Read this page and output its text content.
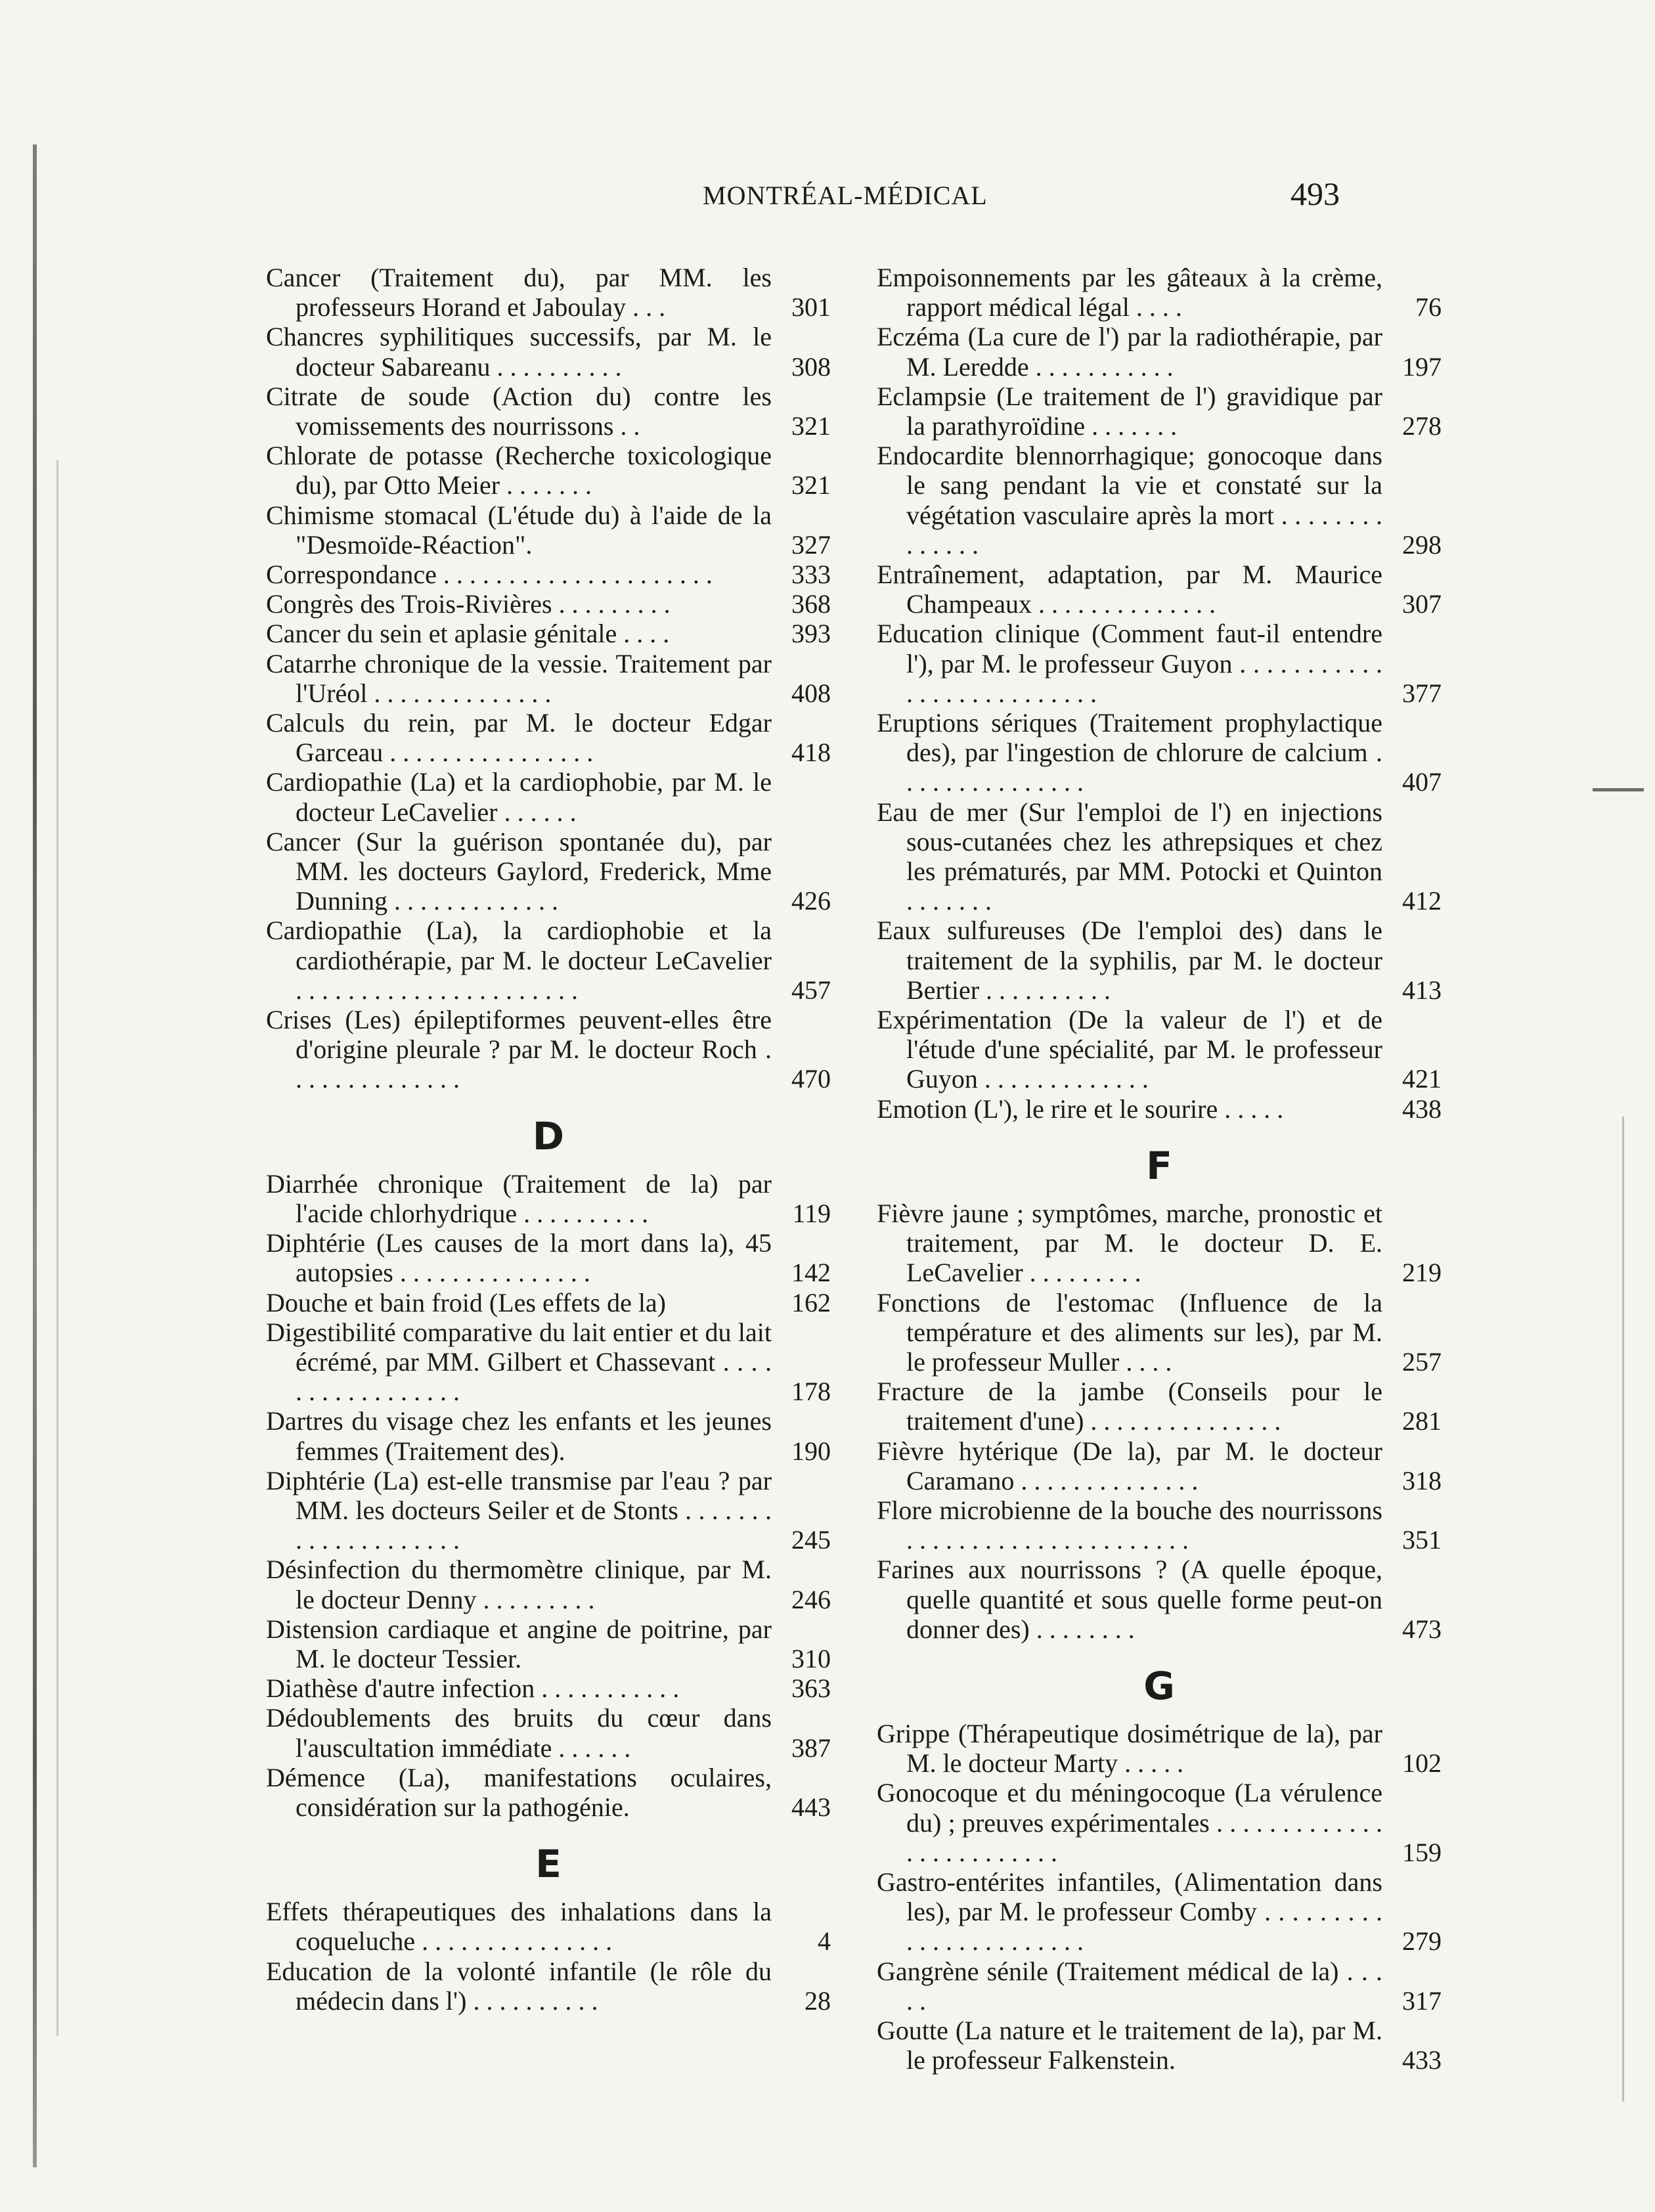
MONTRÉAL-MÉDICAL	493
Cancer (Traitement du), par MM. les professeurs Horand et Jaboulay . . .	301
Chancres syphilitiques successifs, par M. le docteur Sabareanu . . . . . . . . . .	308
Citrate de soude (Action du) contre les vomissements des nourrissons . .	321
Chlorate de potasse (Recherche toxicologique du), par Otto Meier . . . . . . .	321
Chimisme stomacal (L'étude du) à l'aide de la "Desmoïde-Réaction".	327
Correspondance . . . . . . . . . . . . . . . . . . . . .	333
Congrès des Trois-Rivières . . . . . . . . .	368
Cancer du sein et aplasie génitale . . . .	393
Catarrhe chronique de la vessie. Traitement par l'Uréol . . . . . . . . . . . . . .	408
Calculs du rein, par M. le docteur Edgar Garceau . . . . . . . . . . . . . . . .	418
Cardiopathie (La) et la cardiophobie, par M. le docteur LeCavelier . . . . . .
Cancer (Sur la guérison spontanée du), par MM. les docteurs Gaylord, Frederick, Mme Dunning . . . . . . . . . . . . .	426
Cardiopathie (La), la cardiophobie et la cardiothérapie, par M. le docteur LeCavelier . . . . . . . . . . . . . . . . . . . . . .	457
Crises (Les) épileptiformes peuvent-elles être d'origine pleurale ? par M. le docteur Roch . . . . . . . . . . . . . .	470
D
Diarrhée chronique (Traitement de la) par l'acide chlorhydrique . . . . . . . . . .	119
Diphtérie (Les causes de la mort dans la), 45 autopsies . . . . . . . . . . . . . . .	142
Douche et bain froid (Les effets de la)	162
Digestibilité comparative du lait entier et du lait écrémé, par MM. Gilbert et Chassevant . . . . . . . . . . . . . . . . .	178
Dartres du visage chez les enfants et les jeunes femmes (Traitement des).	190
Diphtérie (La) est-elle transmise par l'eau ? par MM. les docteurs Seiler et de Stonts . . . . . . . . . . . . . . . . . . . .	245
Désinfection du thermomètre clinique, par M. le docteur Denny . . . . . . . . .	246
Distension cardiaque et angine de poitrine, par M. le docteur Tessier.	310
Diathèse d'autre infection . . . . . . . . . . .	363
Dédoublements des bruits du cœur dans l'auscultation immédiate . . . . . .	387
Démence (La), manifestations oculaires, considération sur la pathogénie.	443
E
Effets thérapeutiques des inhalations dans la coqueluche . . . . . . . . . . . . . . .	4
Education de la volonté infantile (le rôle du médecin dans l') . . . . . . . . . .	28
Empoisonnements par les gâteaux à la crème, rapport médical légal . . . .	76
Eczéma (La cure de l') par la radiothérapie, par M. Leredde . . . . . . . . . . .	197
Eclampsie (Le traitement de l') gravidique par la parathyroïdine . . . . . . .	278
Endocardite blennorrhagique; gonocoque dans le sang pendant la vie et constaté sur la végétation vasculaire après la mort . . . . . . . . . . . . . .	298
Entraînement, adaptation, par M. Maurice Champeaux . . . . . . . . . . . . . .	307
Education clinique (Comment faut-il entendre l'), par M. le professeur Guyon . . . . . . . . . . . . . . . . . . . . . . . . . .	377
Eruptions sériques (Traitement prophylactique des), par l'ingestion de chlorure de calcium . . . . . . . . . . . . . . .	407
Eau de mer (Sur l'emploi de l') en injections sous-cutanées chez les athrepsiques et chez les prématurés, par MM. Potocki et Quinton . . . . . . .	412
Eaux sulfureuses (De l'emploi des) dans le traitement de la syphilis, par M. le docteur Bertier . . . . . . . . . .	413
Expérimentation (De la valeur de l') et de l'étude d'une spécialité, par M. le professeur Guyon . . . . . . . . . . . . .	421
Emotion (L'), le rire et le sourire . . . . .	438
F
Fièvre jaune ; symptômes, marche, pronostic et traitement, par M. le docteur D. E. LeCavelier . . . . . . . . .	219
Fonctions de l'estomac (Influence de la température et des aliments sur les), par M. le professeur Muller . . . .	257
Fracture de la jambe (Conseils pour le traitement d'une) . . . . . . . . . . . . . . .	281
Fièvre hytérique (De la), par M. le docteur Caramano . . . . . . . . . . . . . .	318
Flore microbienne de la bouche des nourrissons . . . . . . . . . . . . . . . . . . . . . .	351
Farines aux nourrissons ? (A quelle époque, quelle quantité et sous quelle forme peut-on donner des) . . . . . . . .	473
G
Grippe (Thérapeutique dosimétrique de la), par M. le docteur Marty . . . . .	102
Gonocoque et du méningocoque (La vérulence du) ; preuves expérimentales . . . . . . . . . . . . . . . . . . . . . . . . .	159
Gastro-entérites infantiles, (Alimentation dans les), par M. le professeur Comby . . . . . . . . . . . . . . . . . . . . . . .	279
Gangrène sénile (Traitement médical de la) . . . . .	317
Goutte (La nature et le traitement de la), par M. le professeur Falkenstein.	433
